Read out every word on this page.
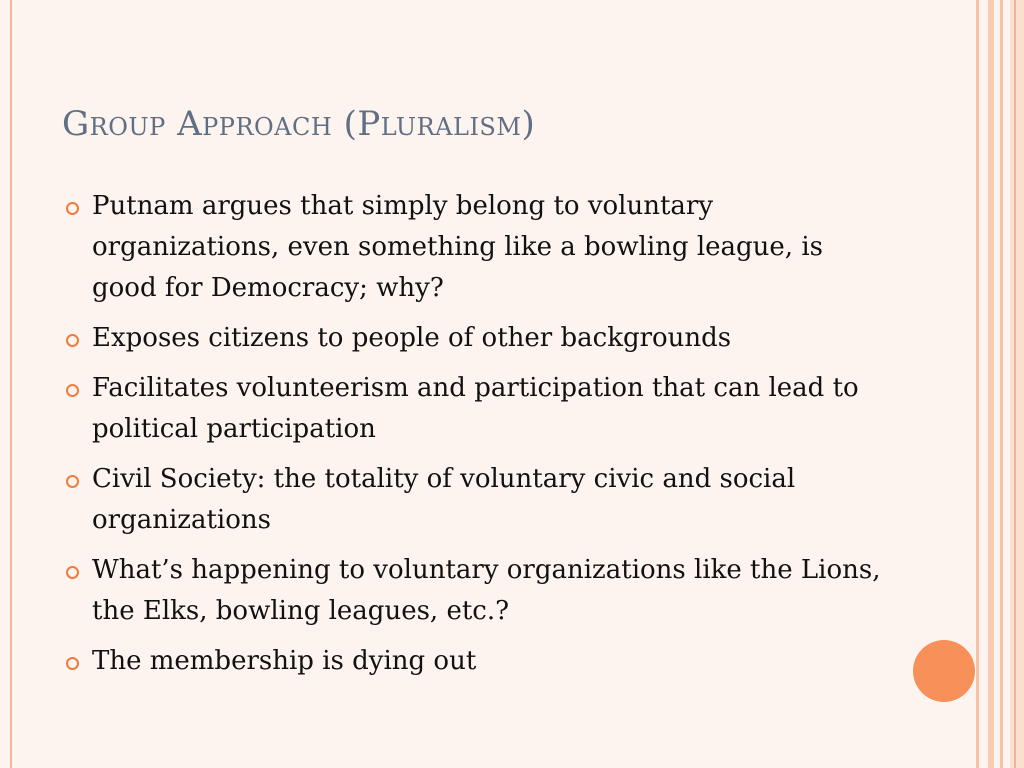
Group Approach (Pluralism)
Putnam argues that simply belong to voluntary organizations, even something like a bowling league, is good for Democracy; why?
Exposes citizens to people of other backgrounds
Facilitates volunteerism and participation that can lead to political participation
Civil Society: the totality of voluntary civic and social organizations
What’s happening to voluntary organizations like the Lions, the Elks, bowling leagues, etc.?
The membership is dying out
